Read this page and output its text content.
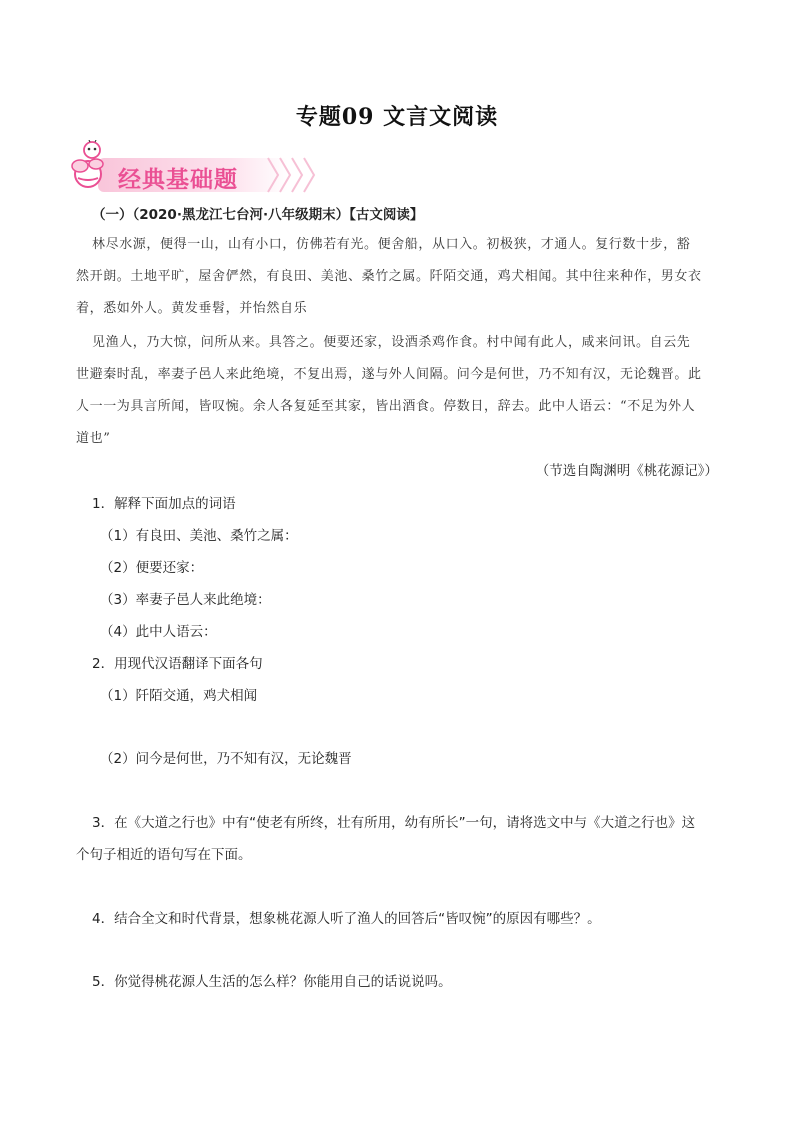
专题09 文言文阅读
经典基础题
（一）（2020·黑龙江七台河·八年级期末）【古文阅读】
林尽水源，便得一山，山有小口，仿佛若有光。便舍船，从口入。初极狭，才通人。复行数十步，豁
然开朗。土地平旷，屋舍俨然，有良田、美池、桑竹之属。阡陌交通，鸡犬相闻。其中往来种作，男女衣
着，悉如外人。黄发垂髫，并怡然自乐
见渔人，乃大惊，问所从来。具答之。便要还家，设酒杀鸡作食。村中闻有此人，咸来问讯。自云先
世避秦时乱，率妻子邑人来此绝境，不复出焉，遂与外人间隔。问今是何世，乃不知有汉，无论魏晋。此
人一一为具言所闻，皆叹惋。余人各复延至其家，皆出酒食。停数日，辞去。此中人语云：“不足为外人
道也”
（节选自陶渊明《桃花源记》）
1．解释下面加点的词语
（1）有良田、美池、桑竹之属：
（2）便要还家：
（3）率妻子邑人来此绝境：
（4）此中人语云：
2．用现代汉语翻译下面各句
（1）阡陌交通，鸡犬相闻
（2）问今是何世，乃不知有汉，无论魏晋
3．在《大道之行也》中有“使老有所终，壮有所用，幼有所长”一句，请将选文中与《大道之行也》这
个句子相近的语句写在下面。
4．结合全文和时代背景，想象桃花源人听了渔人的回答后“皆叹惋”的原因有哪些？。
5．你觉得桃花源人生活的怎么样？你能用自己的话说说吗。
